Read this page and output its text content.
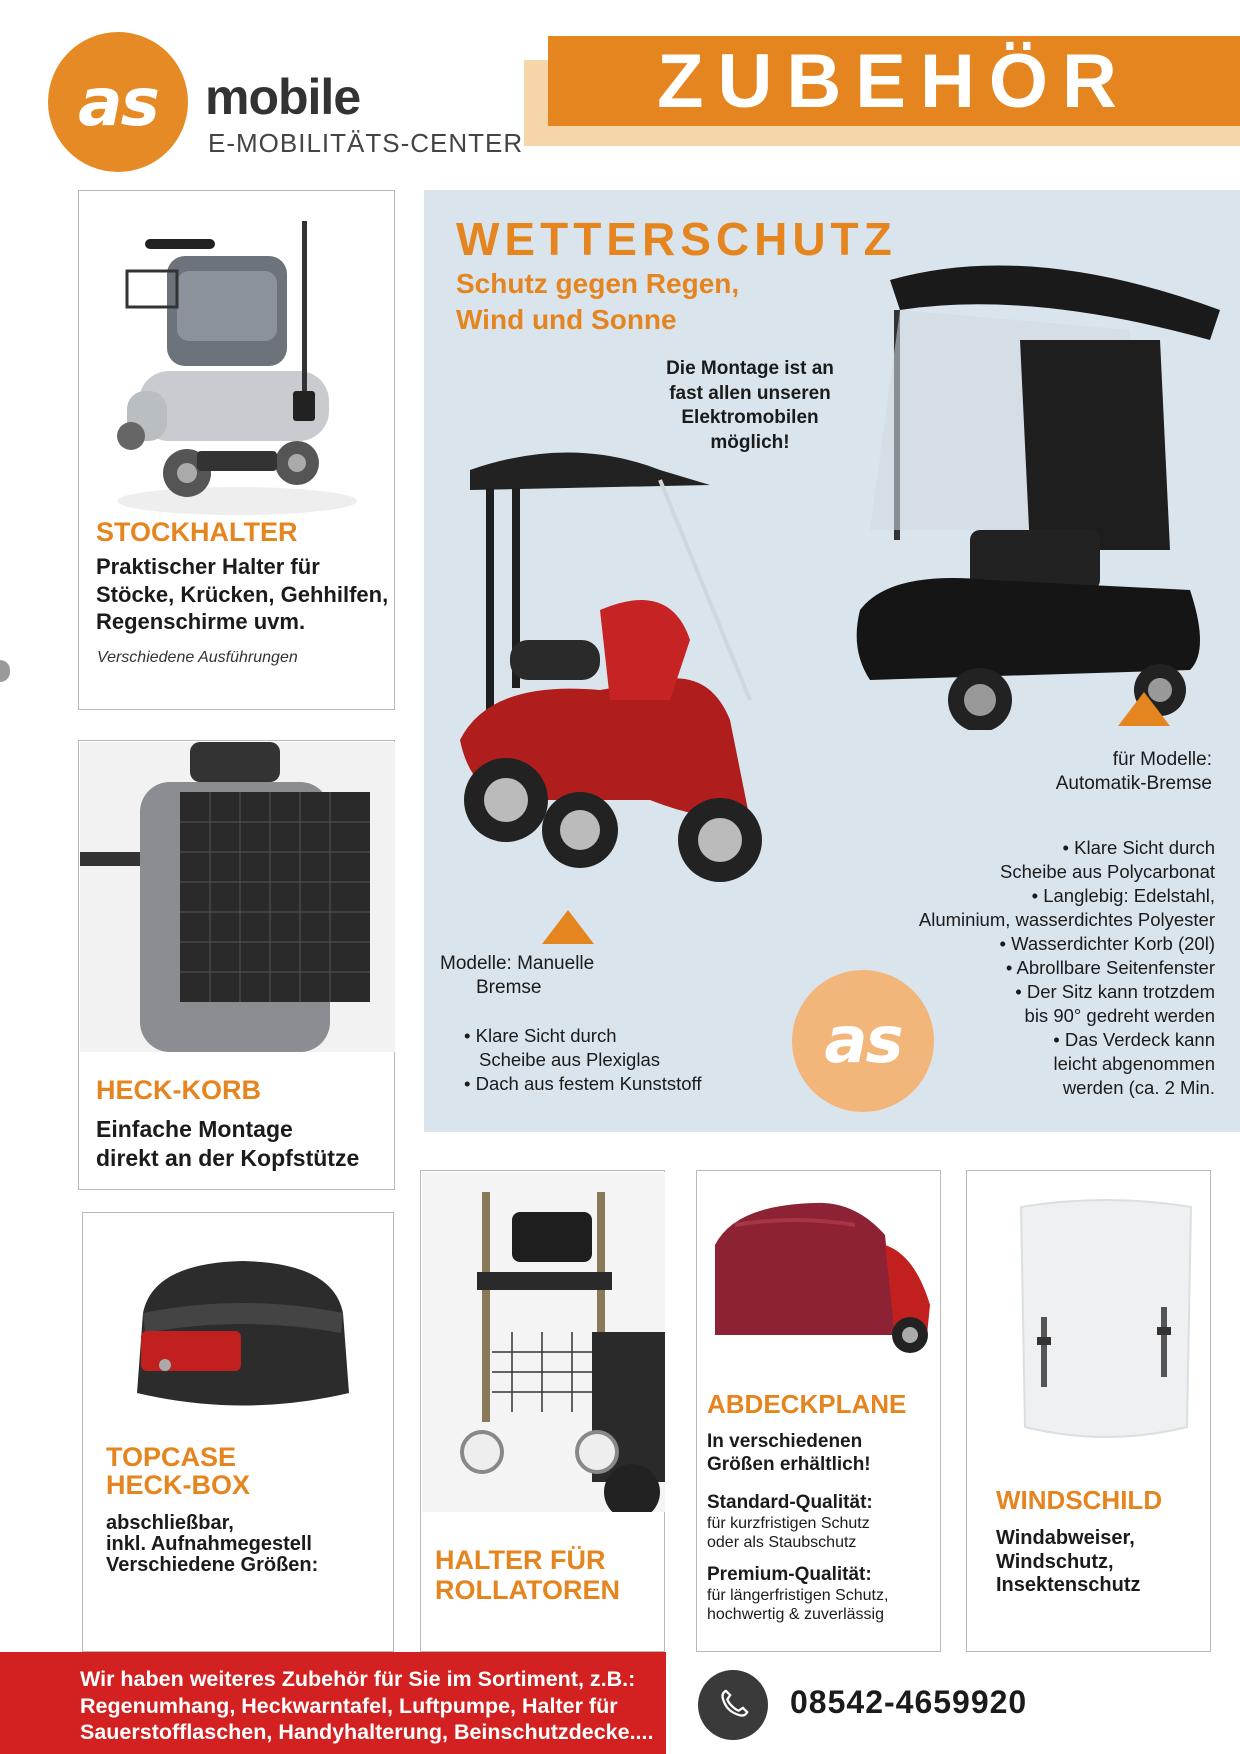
as mobile
E-MOBILITÄTS-CENTER
ZUBEHÖR
STOCKHALTER
Praktischer Halter für
Stöcke, Krücken, Gehhilfen,
Regenschirme uvm.
Verschiedene Ausführungen
HECK-KORB
Einfache Montage
direkt an der Kopfstütze
TOPCASE
HECK-BOX
abschließbar,
inkl. Aufnahmegestell
Verschiedene Größen:
WETTERSCHUTZ
Schutz gegen Regen,
Wind und Sonne
Die Montage ist an
fast allen unseren
Elektromobilen
möglich!
für Modelle:
Automatik-Bremse
Modelle: Manuelle
Bremse
• Klare Sicht durch
Scheibe aus Polycarbonat
• Langlebig: Edelstahl,
Aluminium, wasserdichtes Polyester
• Wasserdichter Korb (20l)
• Abrollbare Seitenfenster
• Der Sitz kann trotzdem
bis 90° gedreht werden
• Das Verdeck kann
leicht abgenommen
werden (ca. 2 Min.
• Klare Sicht durch
Scheibe aus Plexiglas
• Dach aus festem Kunststoff
as
HALTER FÜR
ROLLATOREN
ABDECKPLANE
In verschiedenen
Größen erhältlich!
Standard-Qualität:
für kurzfristigen Schutz
oder als Staubschutz
Premium-Qualität:
für längerfristigen Schutz,
hochwertig & zuverlässig
WINDSCHILD
Windabweiser,
Windschutz,
Insektenschutz
Wir haben weiteres Zubehör für Sie im Sortiment, z.B.:
Regenumhang, Heckwarntafel, Luftpumpe, Halter für
Sauerstofflaschen, Handyhalterung, Beinschutzdecke....
08542-4659920
